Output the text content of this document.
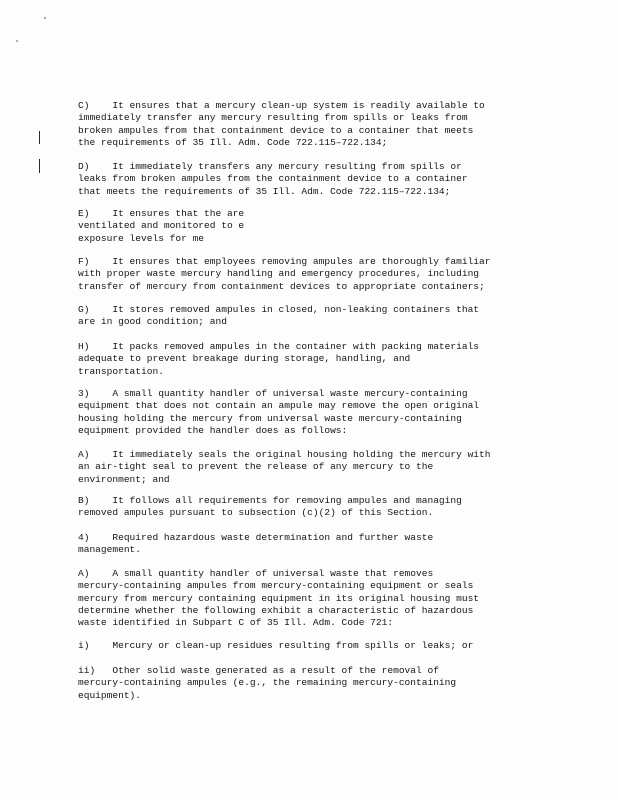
C)    It ensures that a mercury clean-up system is readily available to
immediately transfer any mercury resulting from spills or leaks from
broken ampules from that containment device to a container that meets
the requirements of 35 Ill. Adm. Code 722.115–722.134;

D)    It immediately transfers any mercury resulting from spills or
leaks from broken ampules from the containment device to a container
that meets the requirements of 35 Ill. Adm. Code 722.115–722.134;

E)    It ensures that the are
ventilated and monitored to e
exposure levels for me

F)    It ensures that employees removing ampules are thoroughly familiar
with proper waste mercury handling and emergency procedures, including
transfer of mercury from containment devices to appropriate containers;

G)    It stores removed ampules in closed, non-leaking containers that
are in good condition; and

H)    It packs removed ampules in the container with packing materials
adequate to prevent breakage during storage, handling, and
transportation.

3)    A small quantity handler of universal waste mercury-containing
equipment that does not contain an ampule may remove the open original
housing holding the mercury from universal waste mercury-containing
equipment provided the handler does as follows:

A)    It immediately seals the original housing holding the mercury with
an air-tight seal to prevent the release of any mercury to the
environment; and

B)    It follows all requirements for removing ampules and managing
removed ampules pursuant to subsection (c)(2) of this Section.

4)    Required hazardous waste determination and further waste
management.

A)    A small quantity handler of universal waste that removes
mercury-containing ampules from mercury-containing equipment or seals
mercury from mercury containing equipment in its original housing must
determine whether the following exhibit a characteristic of hazardous
waste identified in Subpart C of 35 Ill. Adm. Code 721:

i)    Mercury or clean-up residues resulting from spills or leaks; or

ii)   Other solid waste generated as a result of the removal of
mercury-containing ampules (e.g., the remaining mercury-containing
equipment).
